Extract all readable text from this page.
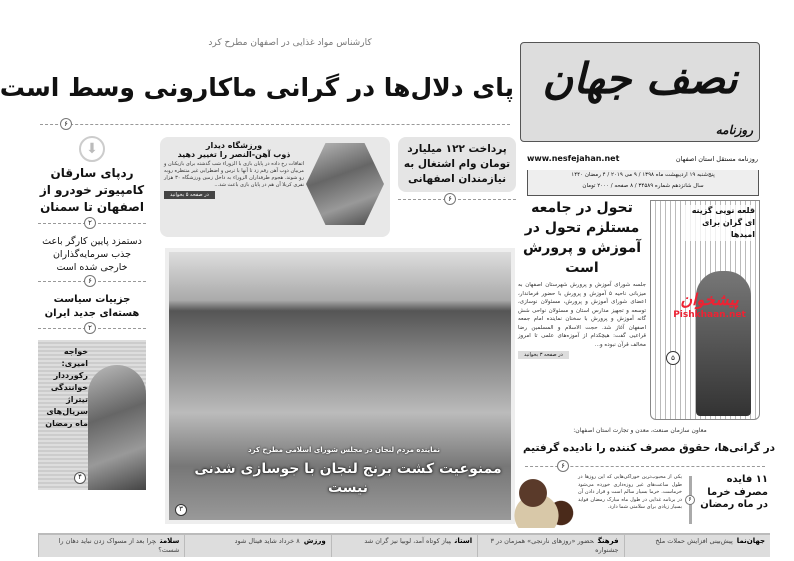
نصف جهان
روزنامه
www.nesfejahan.net	روزنامه مستقل استان اصفهان
پنج‌شنبه ۱۹ اردیبهشت ماه ۱۳۹۸ / ۹ می ۲۰۱۹ / ۴ رمضان ۱۴۴۰
سال شانزدهم شماره ۳۴۵۸۹ / ۸ صفحه / ۲۰۰۰ تومان
کارشناس مواد غذایی در اصفهان مطرح کرد
پای دلال‌ها در گرانی ماکارونی وسط است
۶
⬇
ردپای سارقان کامپیوتر خودرو از اصفهان تا سمنان
۲
دستمزد پایین کارگر باعث جذب سرمایه‌گذاران خارجی شده است
۶
جزییات سیاست هسته‌ای جدید ایران
۲
خواجه امیری: رکورددار خوانندگی تیتراژ سریال‌های ماه رمضان
۴
ورزشگاه دیدار
ذوب آهن-النصر را تغییر دهید
اتفاقات رخ داده در پایان بازی با الزوراء شب گذشته برای بازیکنان و مربیان ذوب آهن رقم زد تا آنها با ترس و اضطرابی غیر منتظره روبه رو شوند. هجوم طرفداران الزوراء به داخل زمین ورزشگاه ۳۰ هزار نفری کربلا آن هم در پایان بازی باعث شد...
در صفحه ۵ بخوانید
پرداخت ۱۲۲ میلیارد تومان وام اشتغال به نیازمندان اصفهانی
۶
نماینده مردم لنجان در مجلس شورای اسلامی مطرح کرد
ممنوعیت کشت برنج لنجان با جوسازی شدنی نیست
۳
تحول در جامعه مستلزم تحول در آموزش و پرورش است
جلسه شورای آموزش و پرورش شهرستان اصفهان به میزبانی ناحیه ۵ آموزش و پرورش با حضور فرماندار، اعضای شورای آموزش و پرورش، مسئولان نوسازی، توسعه و تجهیز مدارس استان و مسئولان نواحی شش گانه آموزش و پرورش با سخنان نماینده امام جمعه اصفهان آغاز شد. حجت الاسلام و المسلمین رضا قراعیی گفت: هیچکدام از آموزه‌های علمی تا امروز مخالف قرآن نبوده و...
در صفحه ۳ بخوانید
قلعه نویی گزینه ای گران برای امیدها
۵
پیشخوان
Pishkhaan.net
معاون سازمان صنعت، معدن و تجارت استان اصفهان:
در گرانی‌ها، حقوق مصرف کننده را نادیده گرفتیم
۶
۱۱ فایده مصرف خرما در ماه رمضان
۶
یکی از محبوب‌ترین خوراکی‌هایی که این روزها در طول ساعت‌های غیر روزه‌داری خورده می‌شود خرماست. خرما بسیار سالم است و قرار دادن آن در برنامه غذایی در طول ماه مبارک رمضان فواید بسیار زیادی برای سلامتی شما دارد.
جهان‌نماپیش‌بینی افزایش حملات ملخ
فرهنگحضور «روزهای نارنجی» همزمان در ۳ جشنواره
استانپیاز کوتاه آمد، لوبیا نیز گران شد
ورزش۸ خرداد شاید فینال شود
سلامتچرا بعد از مسواک زدن نباید دهان را شست؟
